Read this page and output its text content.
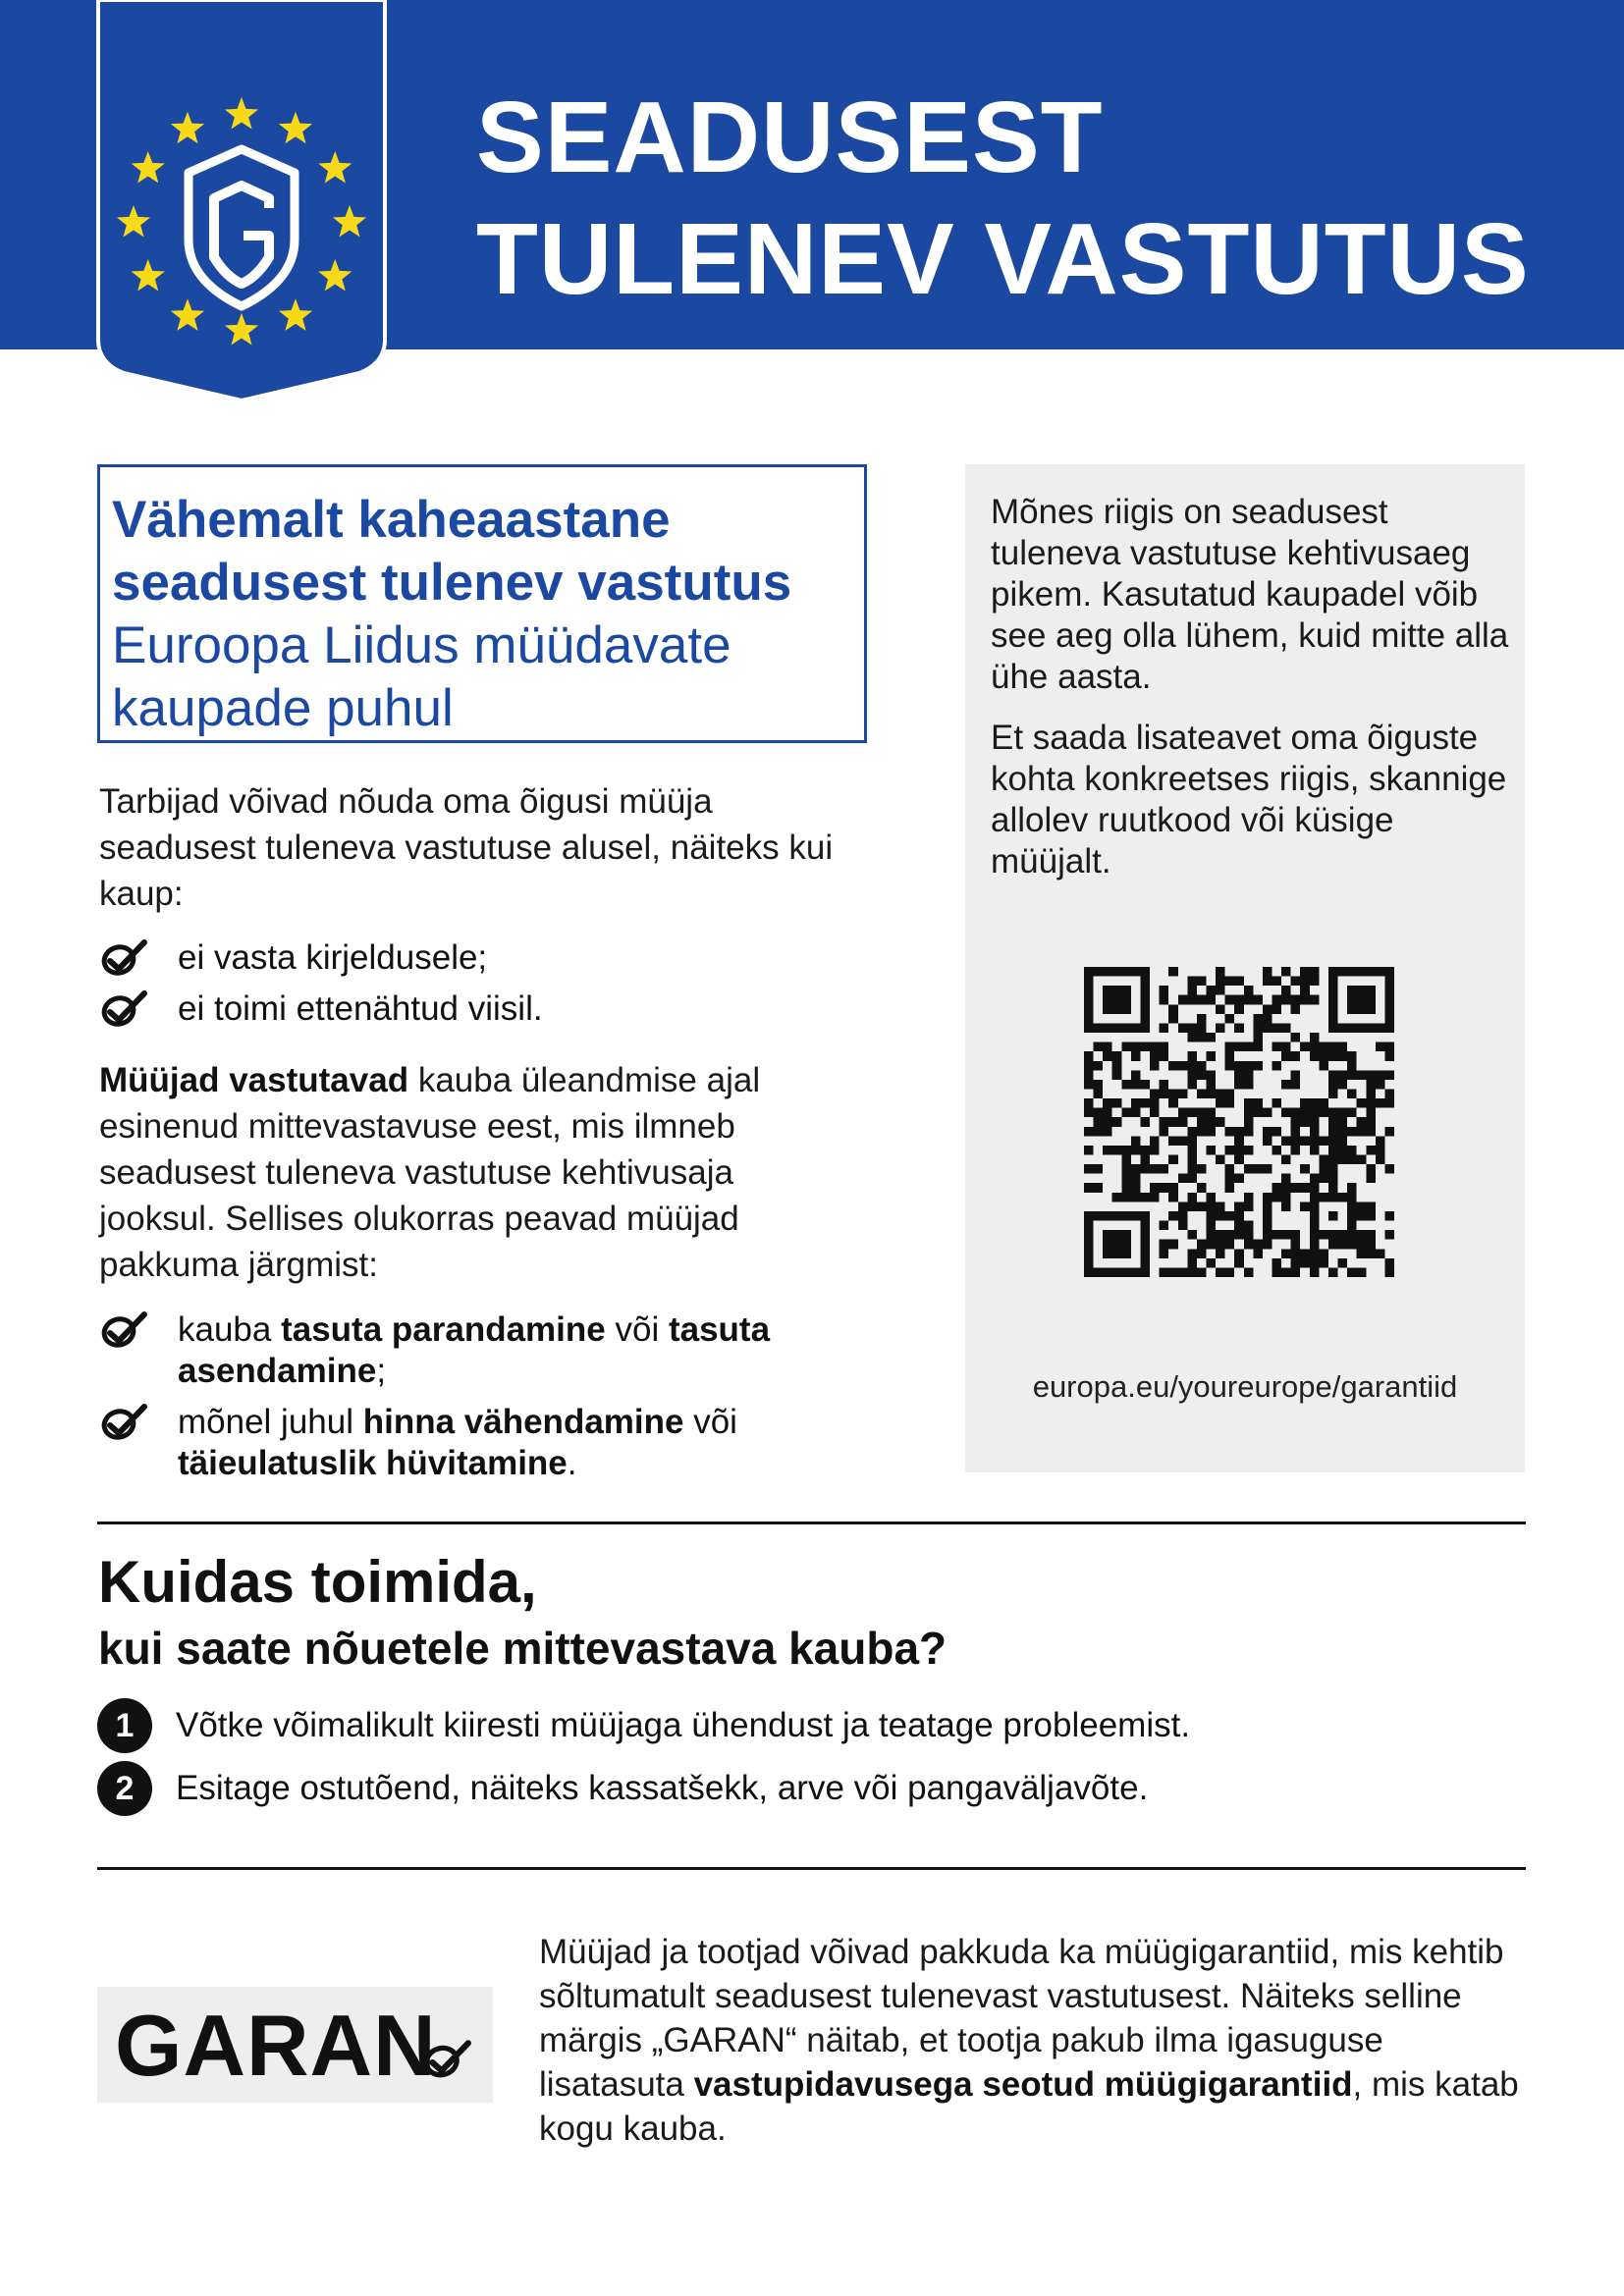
SEADUSEST
TULENEV VASTUTUS
Vähemalt kaheaastane seadusest tulenev vastutus Euroopa Liidus müüdavate kaupade puhul
Tarbijad võivad nõuda oma õigusi müüja seadusest tuleneva vastutuse alusel, näiteks kui kaup:
ei vasta kirjeldusele;
ei toimi ettenähtud viisil.
Müüjad vastutavad kauba üleandmise ajal esinenud mittevastavuse eest, mis ilmneb seadusest tuleneva vastutuse kehtivusaja jooksul. Sellises olukorras peavad müüjad pakkuma järgmist:
kauba tasuta parandamine või tasuta asendamine;
mõnel juhul hinna vähendamine või täieulatuslik hüvitamine.
Mõnes riigis on seadusest tuleneva vastutuse kehtivusaeg pikem. Kasutatud kaupadel võib see aeg olla lühem, kuid mitte alla ühe aasta.
Et saada lisateavet oma õiguste kohta konkreetses riigis, skannige allolev ruutkood või küsige müüjalt.
europa.eu/youreurope/garantiid
Kuidas toimida,
kui saate nõuetele mittevastava kauba?
1	Võtke võimalikult kiiresti müüjaga ühendust ja teatage probleemist.
2	Esitage ostutõend, näiteks kassatšekk, arve või pangaväljavõte.
GARAN
Müüjad ja tootjad võivad pakkuda ka müügigarantiid, mis kehtib sõltumatult seadusest tulenevast vastutusest. Näiteks selline märgis „GARAN“ näitab, et tootja pakub ilma igasuguse lisatasuta vastupidavusega seotud müügigarantiid, mis katab kogu kauba.
